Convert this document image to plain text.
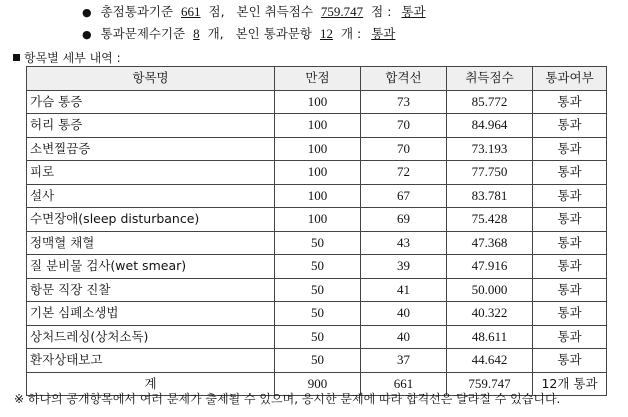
● 총점통과기준 661 점, 본인 취득점수 759.747 점 : 통과
● 통과문제수기준 8 개, 본인 통과문항 12 개 : 통과
항목별 세부 내역 :
항목명	만점	합격선	취득점수	통과여부
가슴 통증	100	73	85.772	통과
허리 통증	100	70	84.964	통과
소변찔끔증	100	70	73.193	통과
피로	100	72	77.750	통과
설사	100	67	83.781	통과
수면장애(sleep disturbance)	100	69	75.428	통과
정맥혈 채혈	50	43	47.368	통과
질 분비물 검사(wet smear)	50	39	47.916	통과
항문 직장 진찰	50	41	50.000	통과
기본 심폐소생법	50	40	40.322	통과
상처드레싱(상처소독)	50	40	48.611	통과
환자상태보고	50	37	44.642	통과
계	900	661	759.747	12개 통과
※ 하나의 공개항목에서 여러 문제가 출제될 수 있으며, 응시한 문제에 따라 합격선은 달라질 수 있습니다.
